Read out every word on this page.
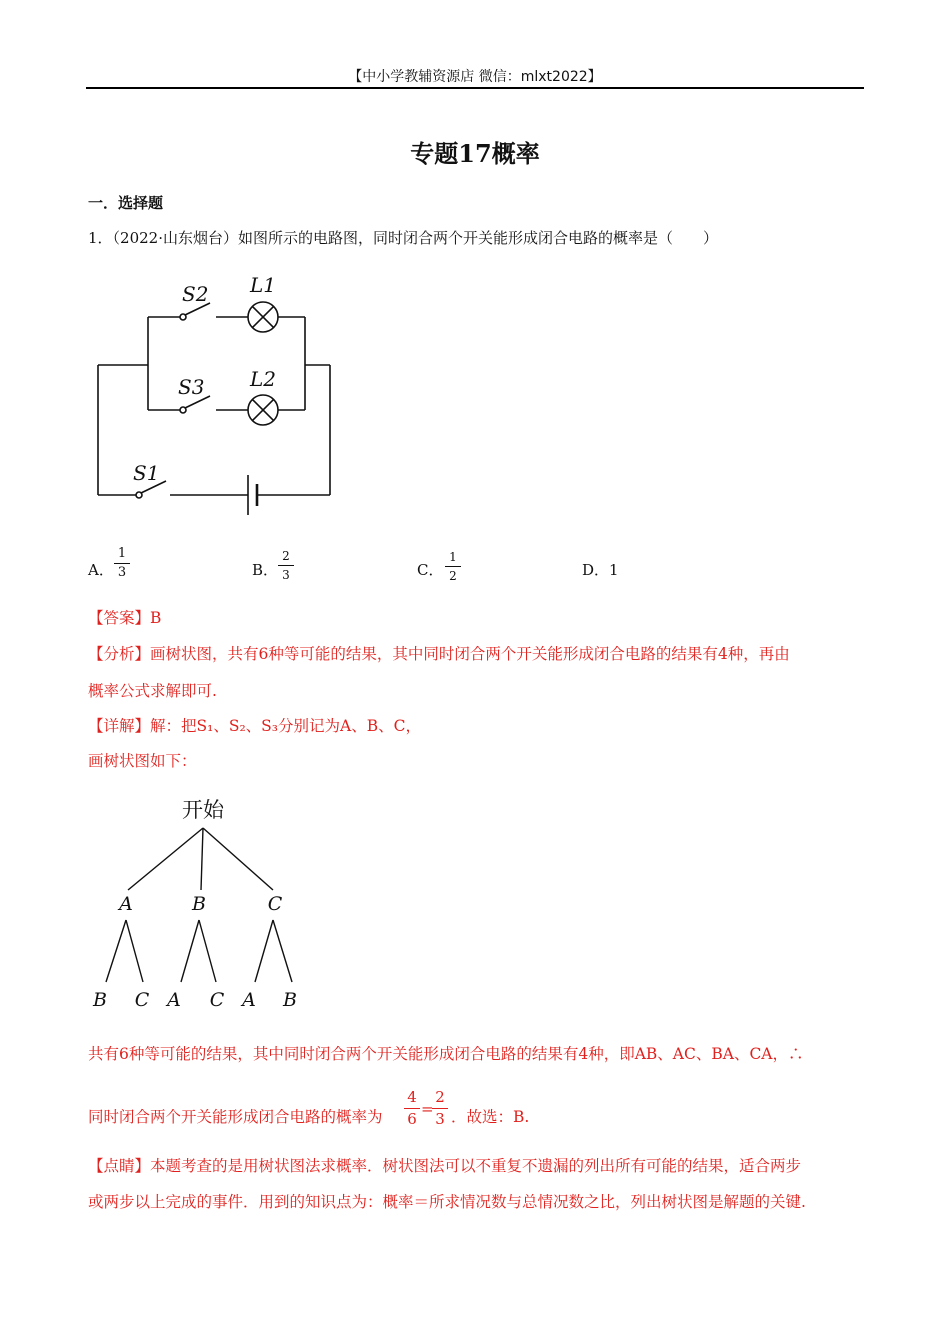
【中小学教辅资源店 微信：mlxt2022】
专题17概率
一．选择题
1．（2022·山东烟台）如图所示的电路图，同时闭合两个开关能形成闭合电路的概率是（　　）
S2
S3
S1
L1
L2
A．
1
3	B．
2
3	C．
1
2	D．1
【答案】B
【分析】画树状图，共有6种等可能的结果，其中同时闭合两个开关能形成闭合电路的结果有4种，再由
概率公式求解即可.
【详解】解：把S₁、S₂、S₃分别记为A、B、C，
画树状图如下：
开始
A	B	C
B C A C A B
共有6种等可能的结果，其中同时闭合两个开关能形成闭合电路的结果有4种，即AB、AC、BA、CA，∴
同时闭合两个开关能形成闭合电路的概率为
4
6
=
2
3 ．故选：B.
【点睛】本题考查的是用树状图法求概率．树状图法可以不重复不遗漏的列出所有可能的结果，适合两步
或两步以上完成的事件．用到的知识点为：概率＝所求情况数与总情况数之比，列出树状图是解题的关键.
